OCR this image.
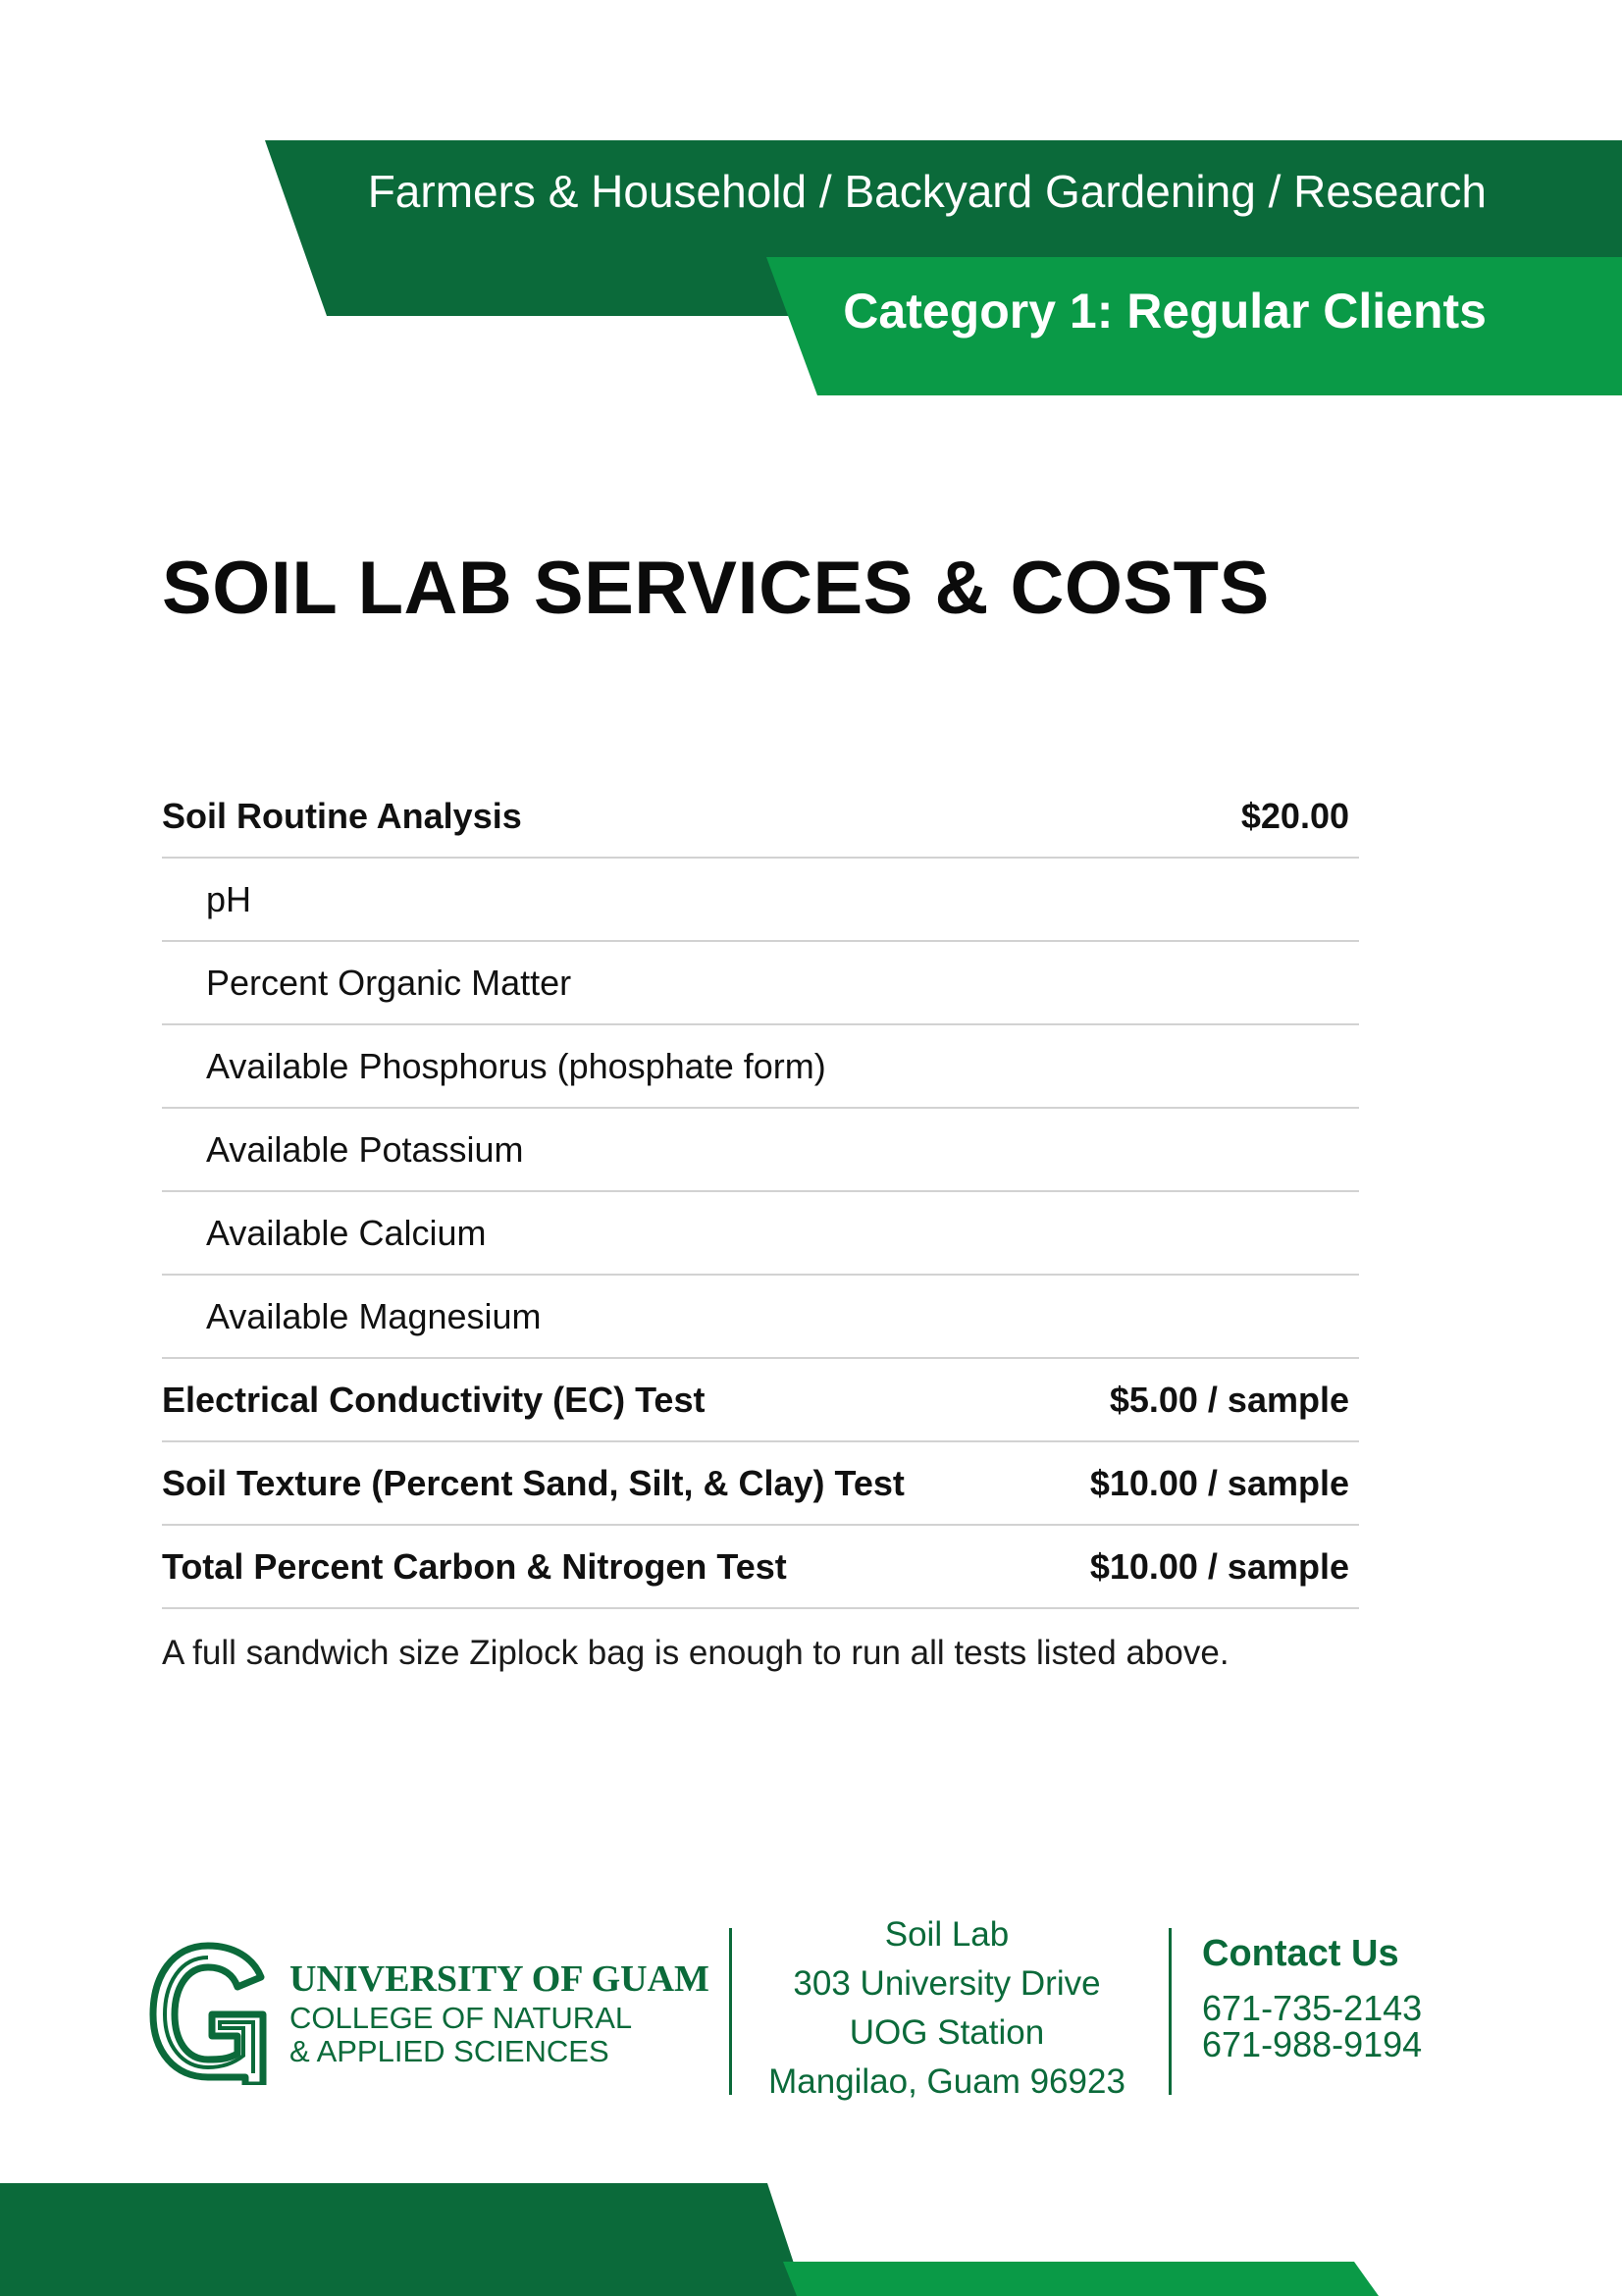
Farmers & Household / Backyard Gardening / Research

Category 1: Regular Clients

SOIL LAB SERVICES & COSTS
Soil Routine Analysis	$20.00
pH
Percent Organic Matter
Available Phosphorus (phosphate form)
Available Potassium
Available Calcium
Available Magnesium
Electrical Conductivity (EC) Test	$5.00 / sample
Soil Texture (Percent Sand, Silt, & Clay) Test	$10.00 / sample
Total Percent Carbon & Nitrogen Test	$10.00 / sample

A full sandwich size Ziplock bag is enough to run all tests listed above.

UNIVERSITY OF GUAM

COLLEGE OF NATURAL
& APPLIED SCIENCES
Soil Lab
303 University Drive
UOG Station
Mangilao, Guam 96923

Contact Us

671-735-2143

671-988-9194
